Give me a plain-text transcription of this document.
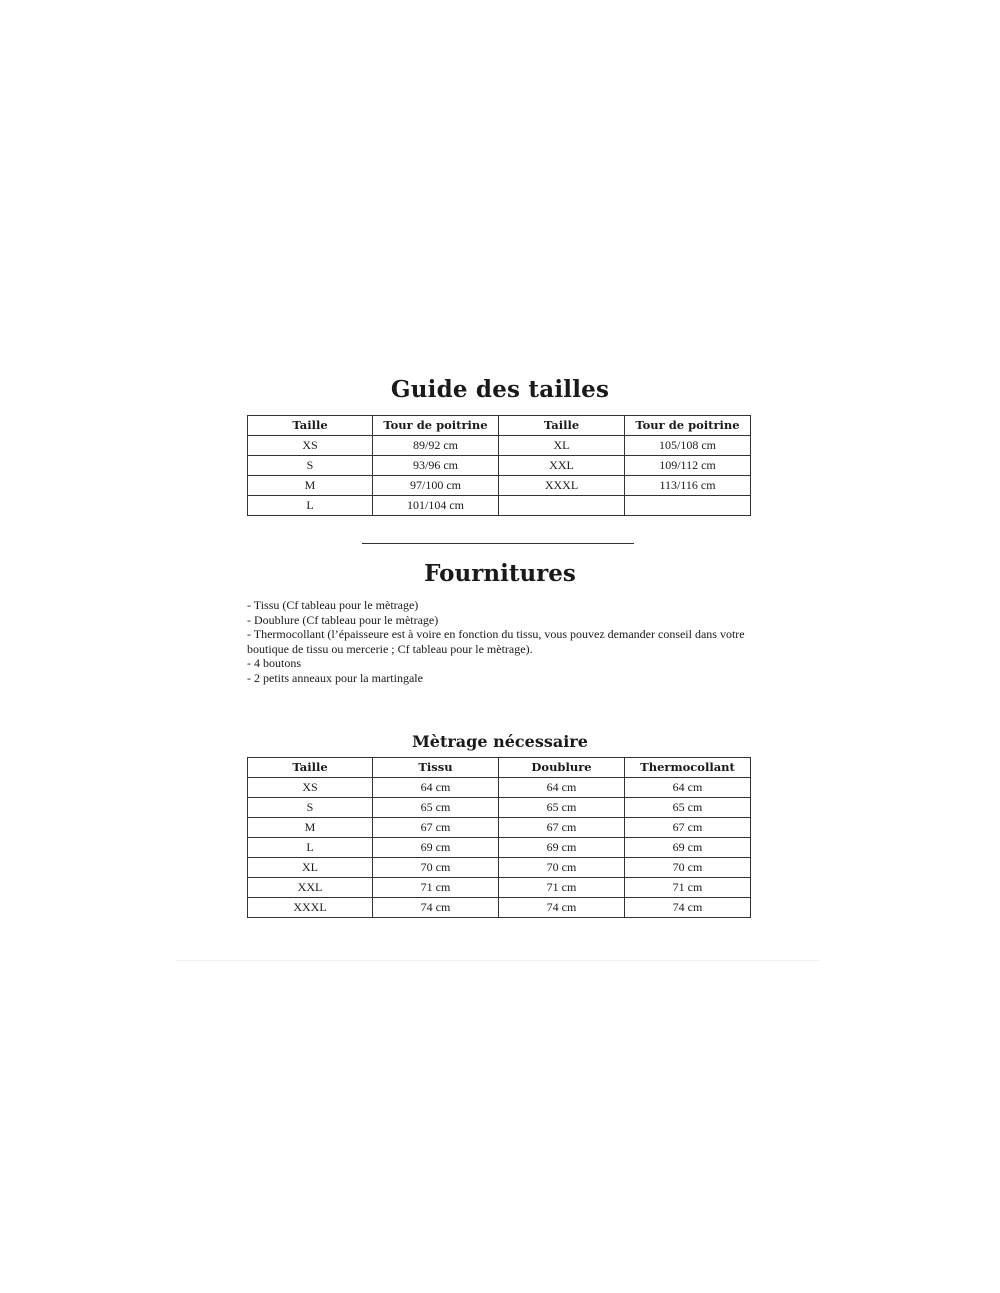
Guide des tailles
Taille	Tour de poitrine	Taille	Tour de poitrine
XS	89/92 cm	XL	105/108 cm
S	93/96 cm	XXL	109/112 cm
M	97/100 cm	XXXL	113/116 cm
L	101/104 cm		
Fournitures
- Tissu (Cf tableau pour le mètrage)
- Doublure (Cf tableau pour le mètrage)
- Thermocollant (l’épaisseure est à voire en fonction du tissu, vous pouvez demander conseil dans votre boutique de tissu ou mercerie ; Cf tableau pour le mètrage).
- 4 boutons
- 2 petits anneaux pour la martingale
Mètrage nécessaire
Taille	Tissu	Doublure	Thermocollant
XS	64 cm	64 cm	64 cm
S	65 cm	65 cm	65 cm
M	67 cm	67 cm	67 cm
L	69 cm	69 cm	69 cm
XL	70 cm	70 cm	70 cm
XXL	71 cm	71 cm	71 cm
XXXL	74 cm	74 cm	74 cm
